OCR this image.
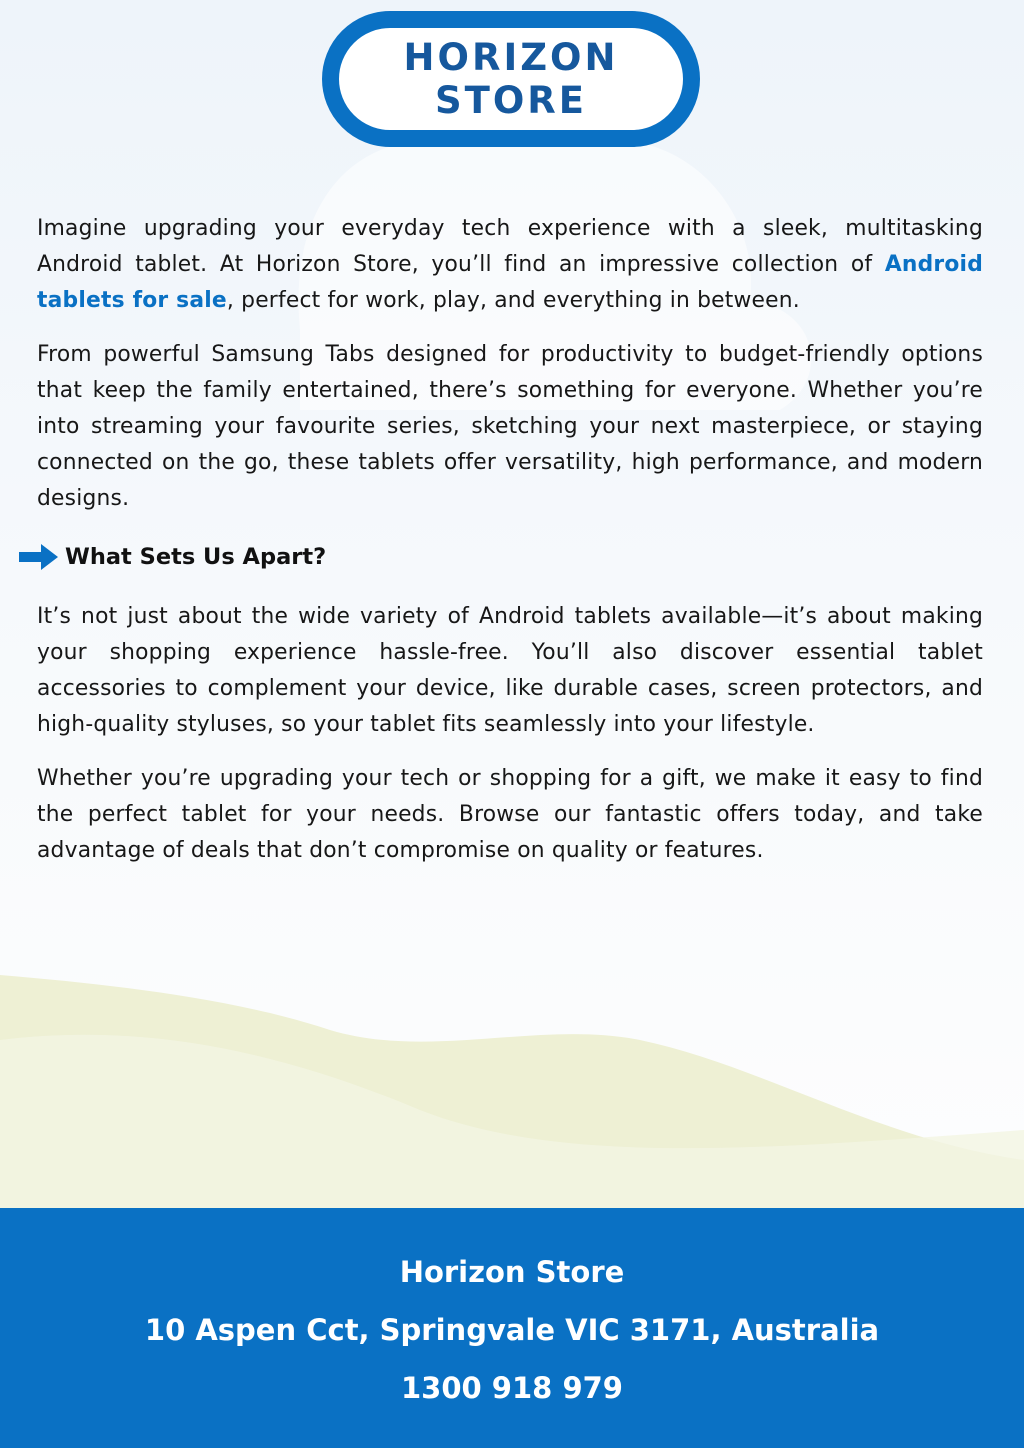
HORIZON
STORE

Imagine upgrading your everyday tech experience with a sleek, multitasking Android tablet. At Horizon Store, you’ll find an impressive collection of Android tablets for sale, perfect for work, play, and everything in between.

From powerful Samsung Tabs designed for productivity to budget-friendly options that keep the family entertained, there’s something for everyone. Whether you’re into streaming your favourite series, sketching your next masterpiece, or staying connected on the go, these tablets offer versatility, high performance, and modern designs.

What Sets Us Apart?

It’s not just about the wide variety of Android tablets available—it’s about making your shopping experience hassle-free. You’ll also discover essential tablet accessories to complement your device, like durable cases, screen protectors, and high-quality styluses, so your tablet fits seamlessly into your lifestyle.

Whether you’re upgrading your tech or shopping for a gift, we make it easy to find the perfect tablet for your needs. Browse our fantastic offers today, and take advantage of deals that don’t compromise on quality or features.

Horizon Store
10 Aspen Cct, Springvale VIC 3171, Australia
1300 918 979
